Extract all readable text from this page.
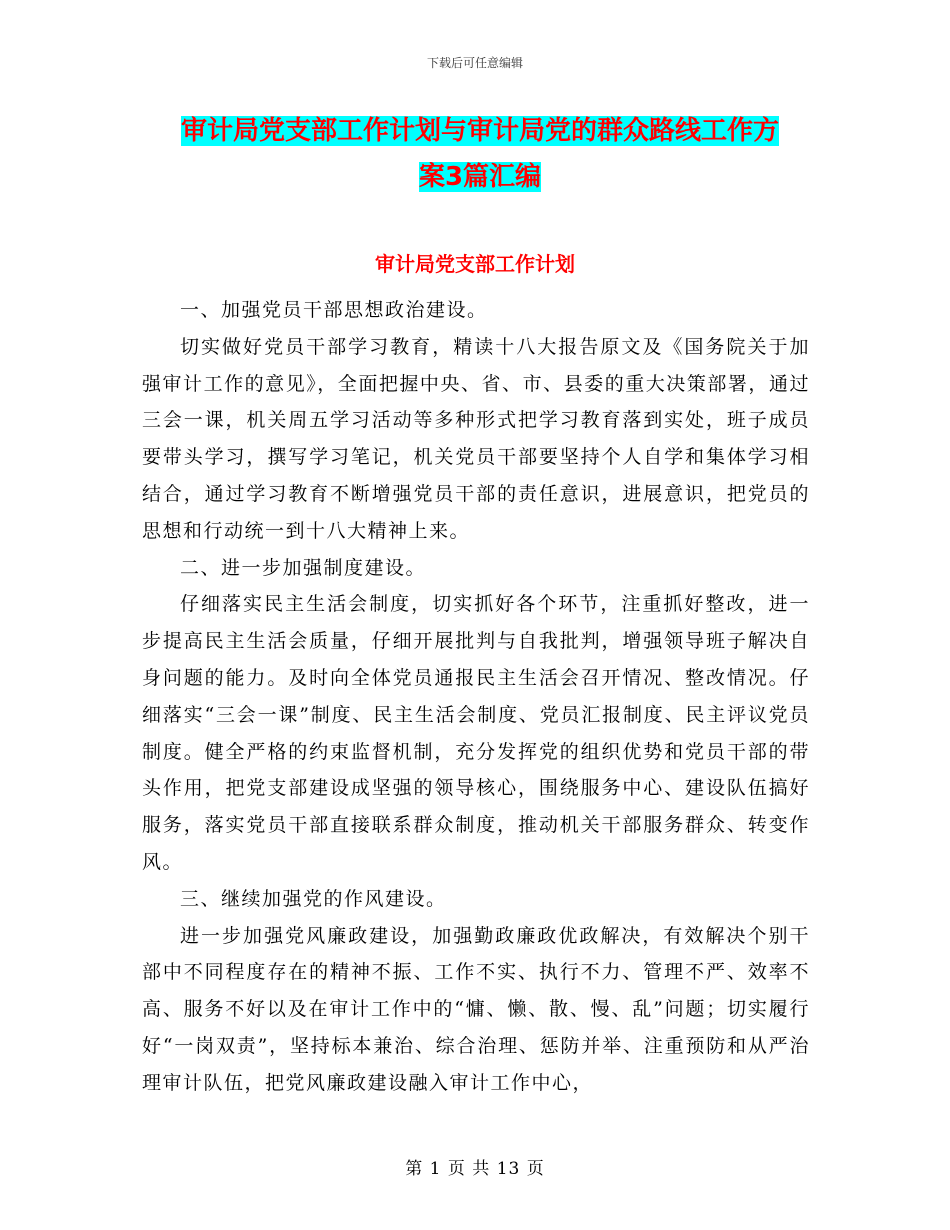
下载后可任意编辑
审计局党支部工作计划与审计局党的群众路线工作方
案3篇汇编
审计局党支部工作计划

一、加强党员干部思想政治建设。

切实做好党员干部学习教育，精读十八大报告原文及《国务院关于加强审计工作的意见》，全面把握中央、省、市、县委的重大决策部署，通过三会一课，机关周五学习活动等多种形式把学习教育落到实处，班子成员要带头学习，撰写学习笔记，机关党员干部要坚持个人自学和集体学习相结合，通过学习教育不断增强党员干部的责任意识，进展意识，把党员的思想和行动统一到十八大精神上来。

二、进一步加强制度建设。

仔细落实民主生活会制度，切实抓好各个环节，注重抓好整改，进一步提高民主生活会质量，仔细开展批判与自我批判，增强领导班子解决自身问题的能力。及时向全体党员通报民主生活会召开情况、整改情况。仔细落实“三会一课”制度、民主生活会制度、党员汇报制度、民主评议党员制度。健全严格的约束监督机制，充分发挥党的组织优势和党员干部的带头作用，把党支部建设成坚强的领导核心，围绕服务中心、建设队伍搞好服务，落实党员干部直接联系群众制度，推动机关干部服务群众、转变作风。

三、继续加强党的作风建设。

进一步加强党风廉政建设，加强勤政廉政优政解决，有效解决个别干部中不同程度存在的精神不振、工作不实、执行不力、管理不严、效率不高、服务不好以及在审计工作中的“慵、懒、散、慢、乱”问题；切实履行好“一岗双责”，坚持标本兼治、综合治理、惩防并举、注重预防和从严治理审计队伍，把党风廉政建设融入审计工作中心，

第 1 页 共 13 页
